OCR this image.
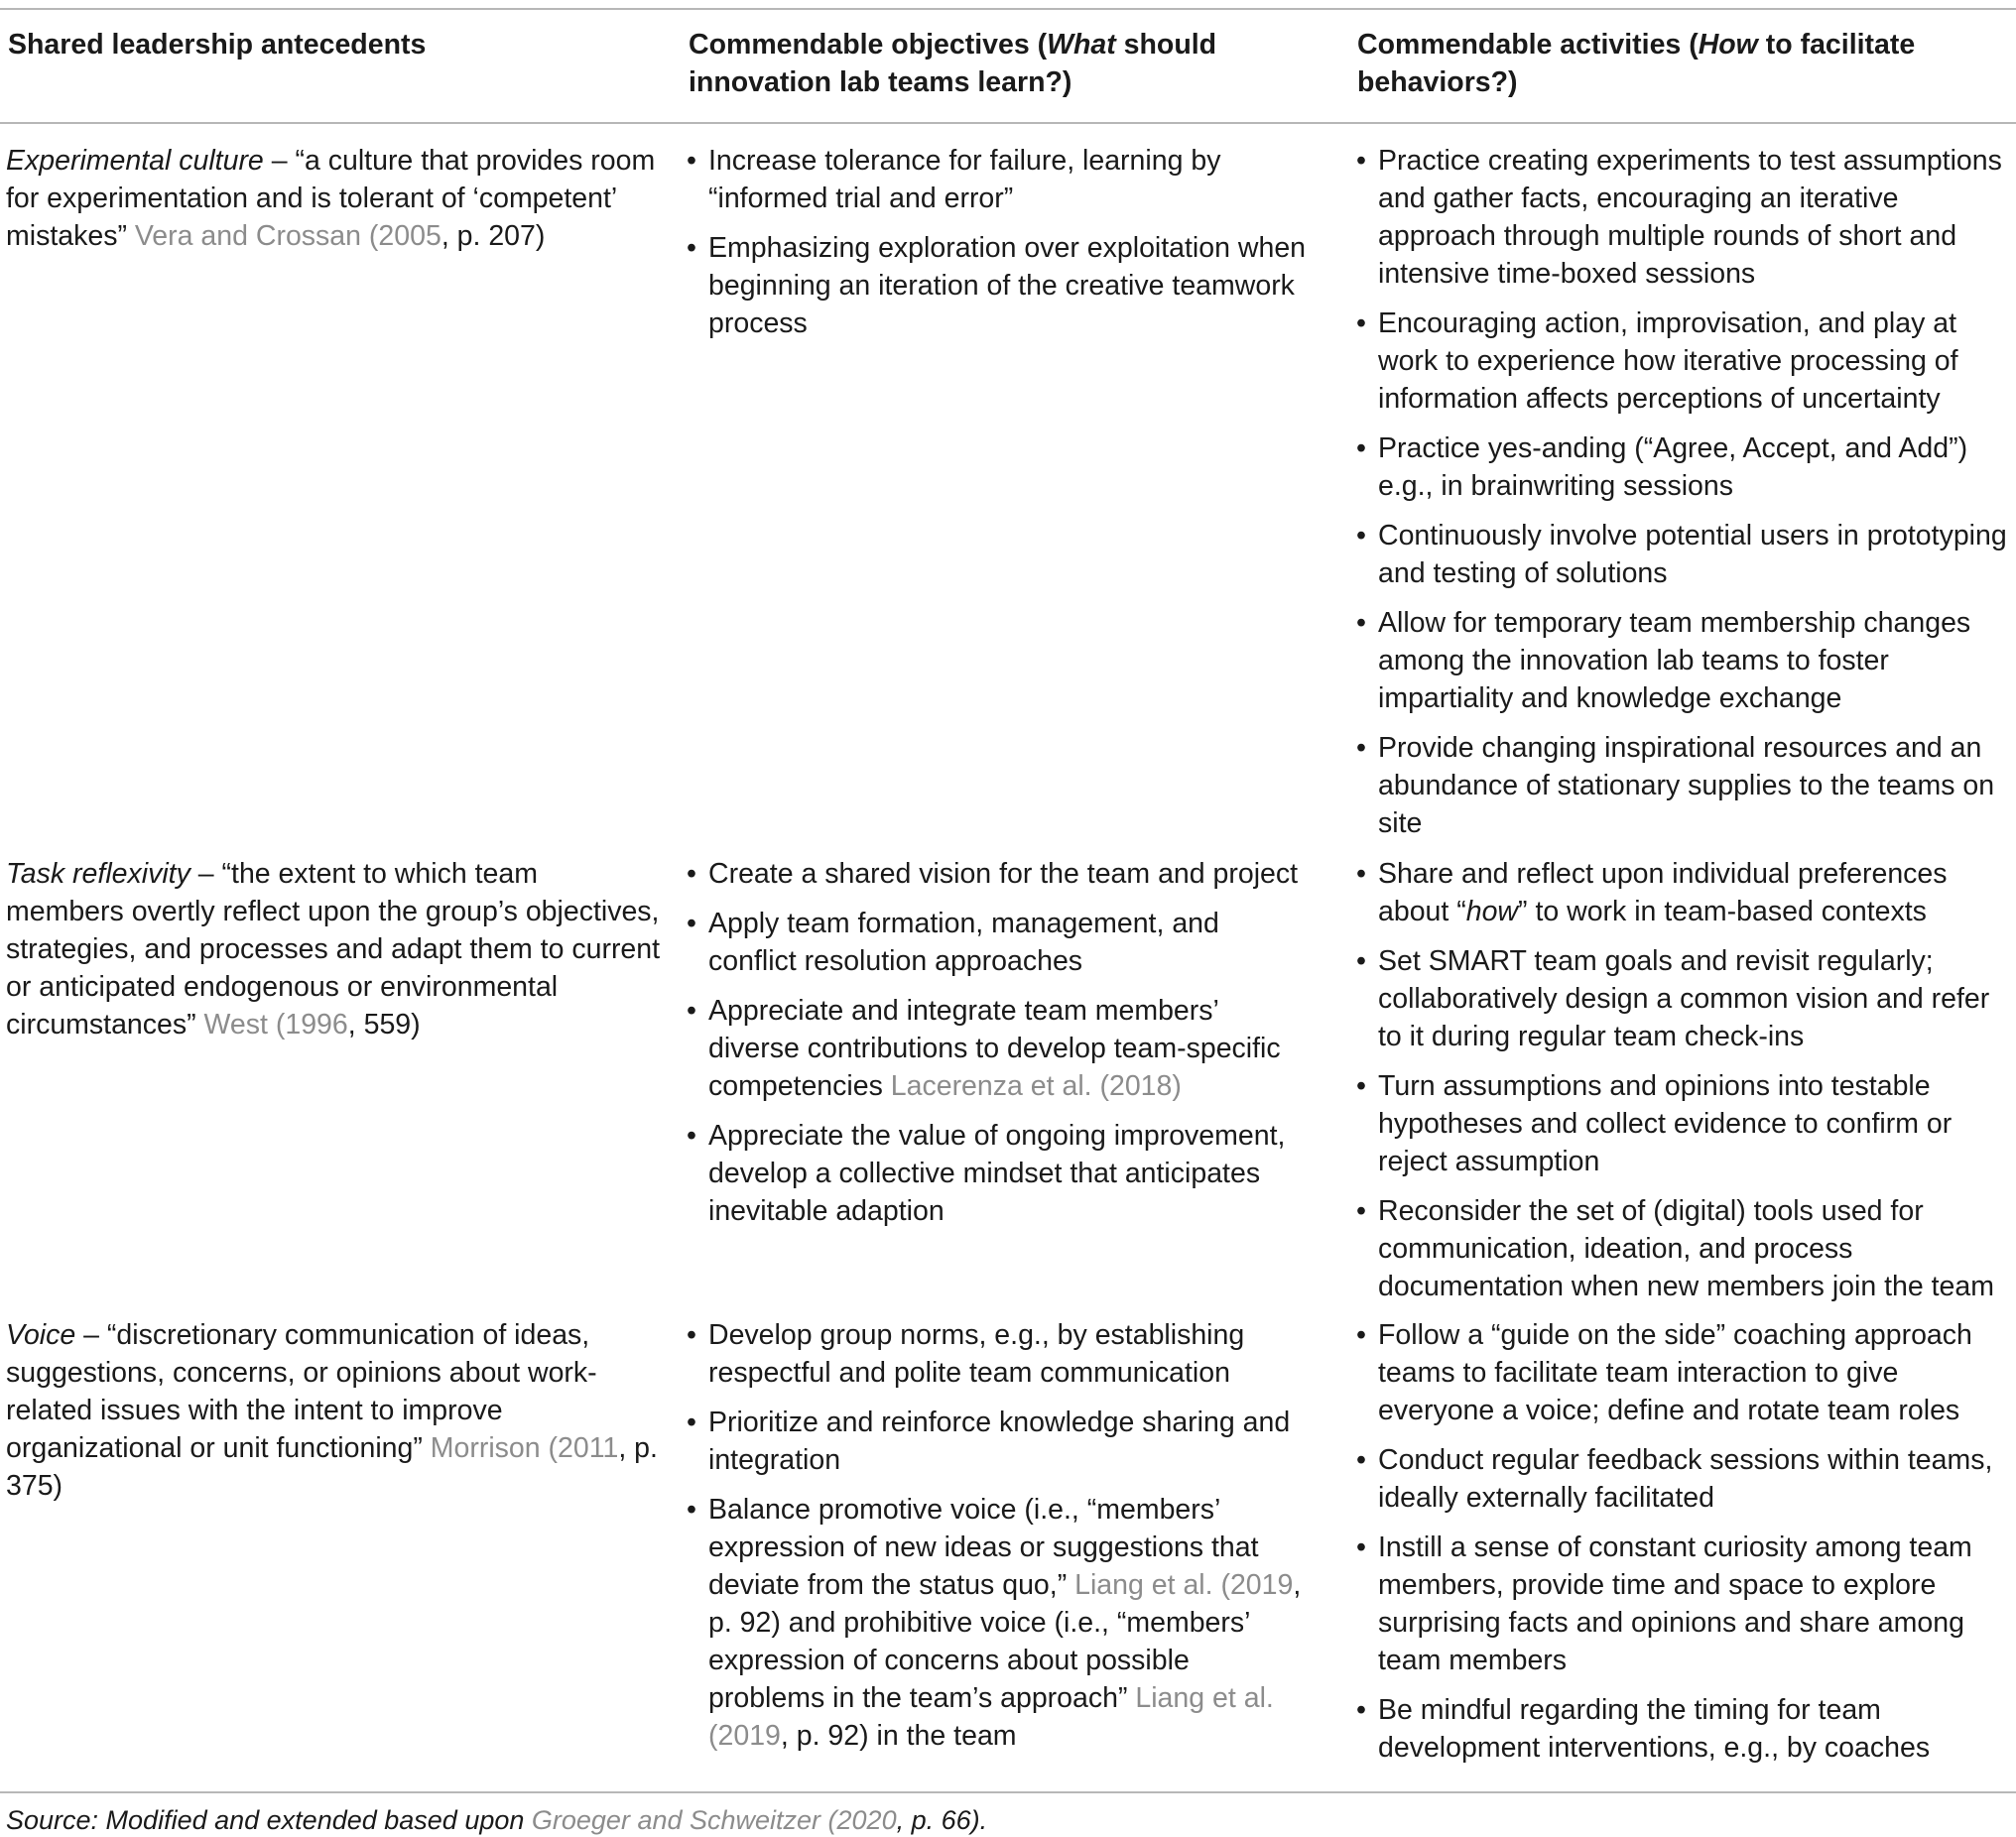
Shared leadership antecedents	Commendable objectives (What should innovation lab teams learn?)
Commendable activities (How to facilitate behaviors?)
Experimental culture – “a culture that provides room for experimentation and is tolerant of ‘competent’ mistakes” Vera and Crossan (2005, p. 207)
• Increase tolerance for failure, learning by “informed trial and error”
• Emphasizing exploration over exploitation when beginning an iteration of the creative teamwork process
• Practice creating experiments to test assumptions and gather facts, encouraging an iterative approach through multiple rounds of short and intensive time-boxed sessions
• Encouraging action, improvisation, and play at work to experience how iterative processing of information affects perceptions of uncertainty
• Practice yes-anding (“Agree, Accept, and Add”) e.g., in brainwriting sessions
• Continuously involve potential users in prototyping and testing of solutions
• Allow for temporary team membership changes among the innovation lab teams to foster impartiality and knowledge exchange
• Provide changing inspirational resources and an abundance of stationary supplies to the teams on site
Task reflexivity – “the extent to which team members overtly reflect upon the group’s objectives, strategies, and processes and adapt them to current or anticipated endogenous or environmental circumstances” West (1996, 559)
• Create a shared vision for the team and project
• Apply team formation, management, and conflict resolution approaches
• Appreciate and integrate team members’ diverse contributions to develop team-specific competencies Lacerenza et al. (2018)
• Appreciate the value of ongoing improvement, develop a collective mindset that anticipates inevitable adaption
• Share and reflect upon individual preferences about “how” to work in team-based contexts
• Set SMART team goals and revisit regularly; collaboratively design a common vision and refer to it during regular team check-ins
• Turn assumptions and opinions into testable hypotheses and collect evidence to confirm or reject assumption
• Reconsider the set of (digital) tools used for communication, ideation, and process documentation when new members join the team
Voice – “discretionary communication of ideas, suggestions, concerns, or opinions about work-related issues with the intent to improve organizational or unit functioning” Morrison (2011, p. 375)
• Develop group norms, e.g., by establishing respectful and polite team communication
• Prioritize and reinforce knowledge sharing and integration
• Balance promotive voice (i.e., “members’ expression of new ideas or suggestions that deviate from the status quo,” Liang et al. (2019, p. 92) and prohibitive voice (i.e., “members’ expression of concerns about possible problems in the team’s approach” Liang et al. (2019, p. 92) in the team
• Follow a “guide on the side” coaching approach teams to facilitate team interaction to give everyone a voice; define and rotate team roles
• Conduct regular feedback sessions within teams, ideally externally facilitated
• Instill a sense of constant curiosity among team members, provide time and space to explore surprising facts and opinions and share among team members
• Be mindful regarding the timing for team development interventions, e.g., by coaches
Source: Modified and extended based upon Groeger and Schweitzer (2020, p. 66).
